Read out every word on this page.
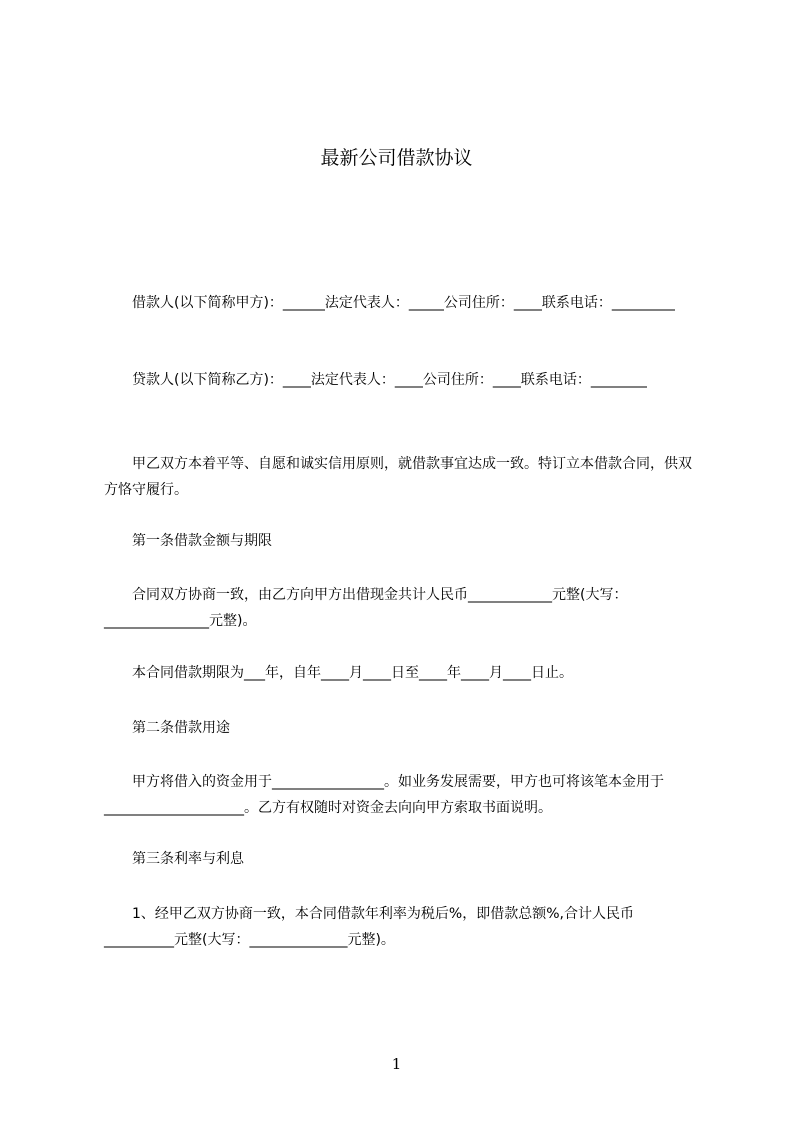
最新公司借款协议

　　借款人(以下简称甲方)：______法定代表人：_____公司住所：____联系电话：_________

　　贷款人(以下简称乙方)：____法定代表人：____公司住所：____联系电话：________

　　甲乙双方本着平等、自愿和诚实信用原则，就借款事宜达成一致。特订立本借款合同，供双方恪守履行。

　　第一条借款金额与期限

　　合同双方协商一致，由乙方向甲方出借现金共计人民币____________元整(大写：_______________元整)。

　　本合同借款期限为___年，自年____月____日至____年____月____日止。

　　第二条借款用途

　　甲方将借入的资金用于________________。如业务发展需要，甲方也可将该笔本金用于____________________。乙方有权随时对资金去向向甲方索取书面说明。

　　第三条利率与利息

　　1、经甲乙双方协商一致，本合同借款年利率为税后%，即借款总额%,合计人民币__________元整(大写：______________元整)。

1
